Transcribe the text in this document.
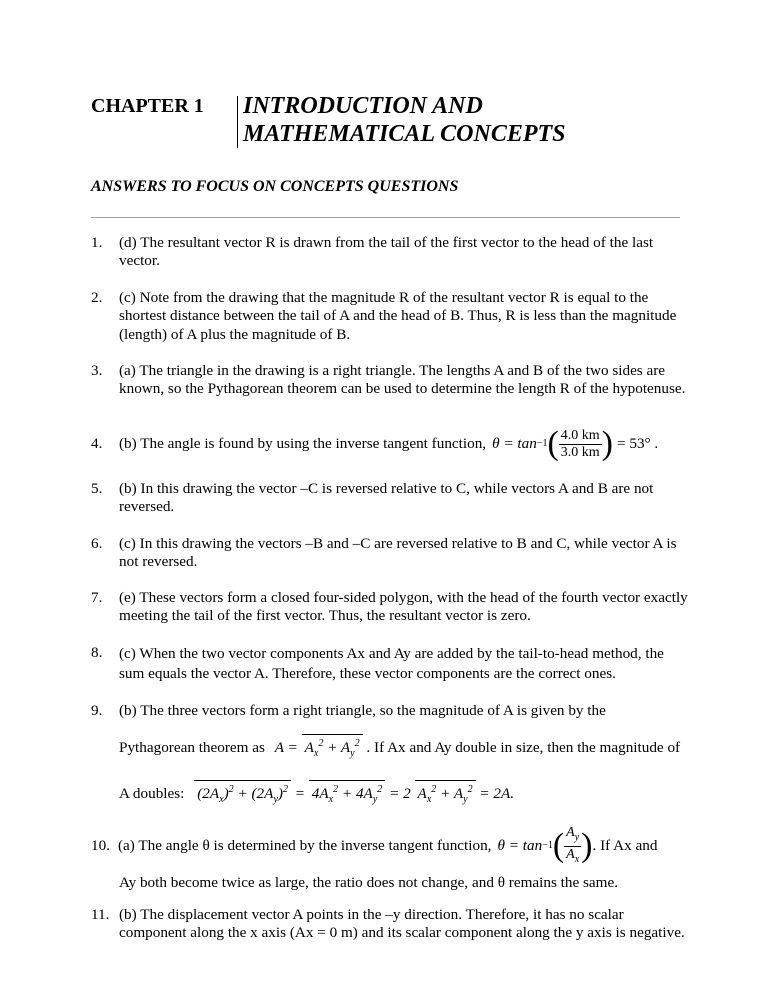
CHAPTER 1 INTRODUCTION AND
MATHEMATICAL CONCEPTS
ANSWERS TO FOCUS ON CONCEPTS QUESTIONS
1. (d) The resultant vector R is drawn from the tail of the first vector to the head of the last vector.
2. (c) Note from the drawing that the magnitude R of the resultant vector R is equal to the shortest distance between the tail of A and the head of B. Thus, R is less than the magnitude (length) of A plus the magnitude of B.
3. (a) The triangle in the drawing is a right triangle. The lengths A and B of the two sides are known, so the Pythagorean theorem can be used to determine the length R of the hypotenuse.
4. (b) The angle is found by using the inverse tangent function, θ = tan −1 ( $\frac{4.0 km}{3.0 km}$ ) = 53° .
5. (b) In this drawing the vector –C is reversed relative to C, while vectors A and B are not reversed.
6. (c) In this drawing the vectors –B and –C are reversed relative to B and C, while vector A is not reversed.
7. (e) These vectors form a closed four-sided polygon, with the head of the fourth vector exactly meeting the tail of the first vector. Thus, the resultant vector is zero.
8. (c) When the two vector components Ax and Ay are added by the tail-to-head method, the sum equals the vector A. Therefore, these vector components are the correct ones.
9. (b) The three vectors form a right triangle, so the magnitude of A is given by the
Pythagorean theorem as $A = A_x^2 + A_y^2$ . If Ax and Ay double in size, then the magnitude of
A doubles: $(2A_x)^2 + (2A_y)^2 = 4A_x^2 + 4A_y^2 = 2$ $A_x^2 + A_y^2 = 2A$.
10. (a) The angle θ is determined by the inverse tangent function, θ = tan −1 ( $A_y$
$A_x$ ) . If Ax and
Ay both become twice as large, the ratio does not change, and θ remains the same.
11. (b) The displacement vector A points in the –y direction. Therefore, it has no scalar component along the x axis (Ax = 0 m) and its scalar component along the y axis is negative.
